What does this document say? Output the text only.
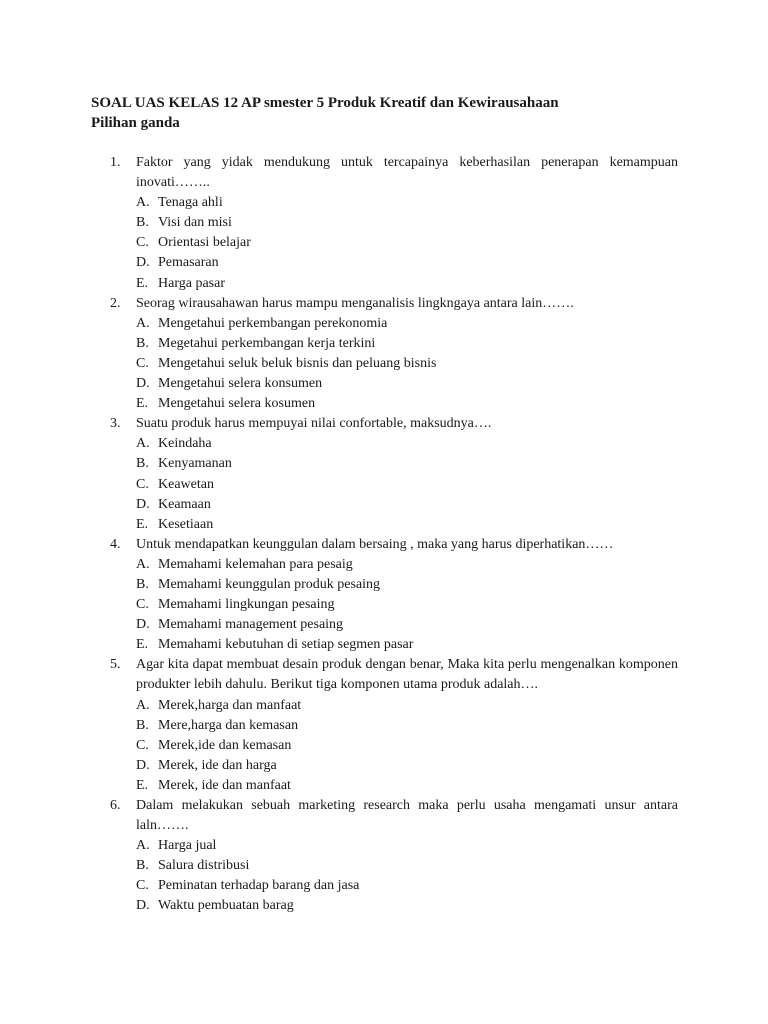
SOAL UAS KELAS 12 AP smester 5 Produk Kreatif dan Kewirausahaan
Pilihan ganda
1. Faktor yang yidak mendukung untuk tercapainya keberhasilan penerapan kemampuan inovati……..
A. Tenaga ahli
B. Visi dan misi
C. Orientasi belajar
D. Pemasaran
E. Harga pasar
2. Seorag wirausahawan harus mampu menganalisis lingkngaya antara lain…….
A. Mengetahui perkembangan perekonomia
B. Megetahui perkembangan kerja terkini
C. Mengetahui seluk beluk bisnis dan peluang bisnis
D. Mengetahui selera konsumen
E. Mengetahui selera kosumen
3. Suatu produk harus mempuyai nilai confortable, maksudnya….
A. Keindaha
B. Kenyamanan
C. Keawetan
D. Keamaan
E. Kesetiaan
4. Untuk mendapatkan keunggulan dalam bersaing , maka yang harus diperhatikan……
A. Memahami kelemahan para pesaig
B. Memahami keunggulan produk pesaing
C. Memahami lingkungan pesaing
D. Memahami management pesaing
E. Memahami kebutuhan di setiap segmen pasar
5. Agar kita dapat membuat desain produk dengan benar, Maka kita perlu mengenalkan komponen produkter lebih dahulu. Berikut tiga komponen utama produk adalah….
A. Merek,harga dan manfaat
B. Mere,harga dan kemasan
C. Merek,ide dan kemasan
D. Merek, ide dan harga
E. Merek, ide dan manfaat
6. Dalam melakukan sebuah marketing research maka perlu usaha mengamati unsur antara laln…….
A. Harga jual
B. Salura distribusi
C. Peminatan terhadap barang dan jasa
D. Waktu pembuatan barag
